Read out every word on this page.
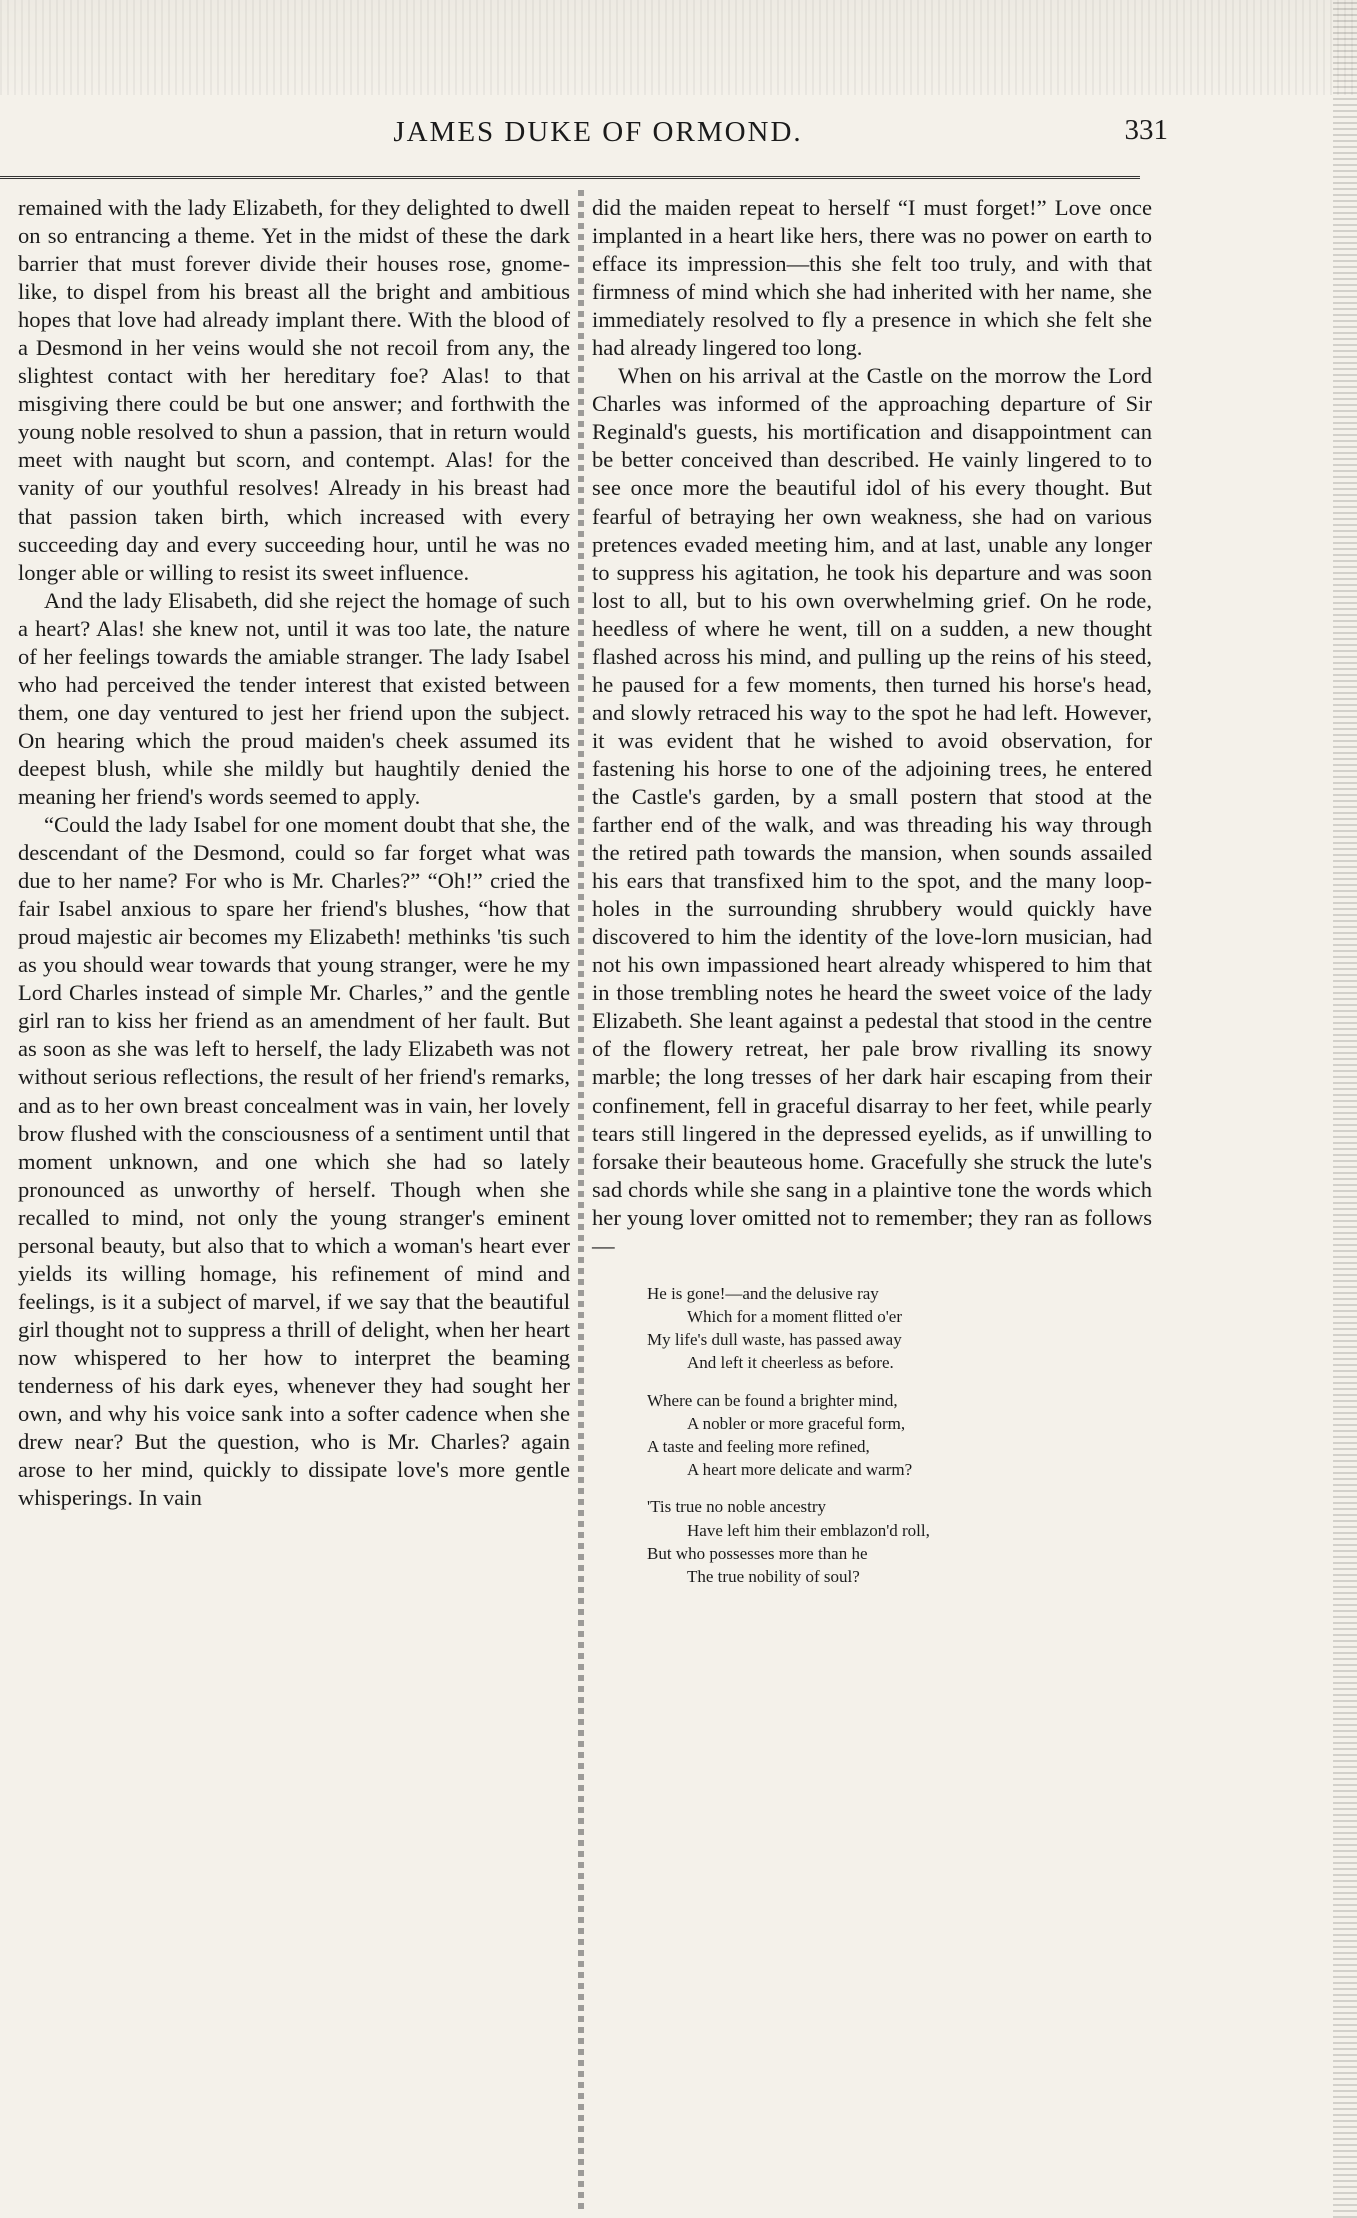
JAMES DUKE OF ORMOND.	331

remained with the lady Elizabeth, for they delighted to dwell on so entrancing a theme. Yet in the midst of these the dark barrier that must forever divide their houses rose, gnome-like, to dispel from his breast all the bright and ambitious hopes that love had already implant there. With the blood of a Desmond in her veins would she not recoil from any, the slightest contact with her hereditary foe? Alas! to that misgiving there could be but one answer; and forthwith the young noble resolved to shun a passion, that in return would meet with naught but scorn, and contempt. Alas! for the vanity of our youthful resolves! Already in his breast had that passion taken birth, which increased with every succeeding day and every succeeding hour, until he was no longer able or willing to resist its sweet influence.

And the lady Elisabeth, did she reject the homage of such a heart? Alas! she knew not, until it was too late, the nature of her feelings towards the amiable stranger. The lady Isabel who had perceived the tender interest that existed between them, one day ventured to jest her friend upon the subject. On hearing which the proud maiden's cheek assumed its deepest blush, while she mildly but haughtily denied the meaning her friend's words seemed to apply.

“Could the lady Isabel for one moment doubt that she, the descendant of the Desmond, could so far forget what was due to her name? For who is Mr. Charles?” “Oh!” cried the fair Isabel anxious to spare her friend's blushes, “how that proud majestic air becomes my Elizabeth! methinks 'tis such as you should wear towards that young stranger, were he my Lord Charles instead of simple Mr. Charles,” and the gentle girl ran to kiss her friend as an amendment of her fault. But as soon as she was left to herself, the lady Elizabeth was not without serious reflections, the result of her friend's remarks, and as to her own breast concealment was in vain, her lovely brow flushed with the consciousness of a sentiment until that moment unknown, and one which she had so lately pronounced as unworthy of herself. Though when she recalled to mind, not only the young stranger's eminent personal beauty, but also that to which a woman's heart ever yields its willing homage, his refinement of mind and feelings, is it a subject of marvel, if we say that the beautiful girl thought not to suppress a thrill of delight, when her heart now whispered to her how to interpret the beaming tenderness of his dark eyes, whenever they had sought her own, and why his voice sank into a softer cadence when she drew near? But the question, who is Mr. Charles? again arose to her mind, quickly to dissipate love's more gentle whisperings. In vain

did the maiden repeat to herself “I must forget!” Love once implanted in a heart like hers, there was no power on earth to efface its impression—this she felt too truly, and with that firmness of mind which she had inherited with her name, she immediately resolved to fly a presence in which she felt she had already lingered too long.

When on his arrival at the Castle on the morrow the Lord Charles was informed of the approaching departure of Sir Reginald's guests, his mortification and disappointment can be better conceived than described. He vainly lingered to to see once more the beautiful idol of his every thought. But fearful of betraying her own weakness, she had on various pretences evaded meeting him, and at last, unable any longer to suppress his agitation, he took his departure and was soon lost to all, but to his own overwhelming grief. On he rode, heedless of where he went, till on a sudden, a new thought flashed across his mind, and pulling up the reins of his steed, he paused for a few moments, then turned his horse's head, and slowly retraced his way to the spot he had left. However, it was evident that he wished to avoid observation, for fastening his horse to one of the adjoining trees, he entered the Castle's garden, by a small postern that stood at the farther end of the walk, and was threading his way through the retired path towards the mansion, when sounds assailed his ears that transfixed him to the spot, and the many loop-holes in the surrounding shrubbery would quickly have discovered to him the identity of the love-lorn musician, had not his own impassioned heart already whispered to him that in those trembling notes he heard the sweet voice of the lady Elizabeth. She leant against a pedestal that stood in the centre of the flowery retreat, her pale brow rivalling its snowy marble; the long tresses of her dark hair escaping from their confinement, fell in graceful disarray to her feet, while pearly tears still lingered in the depressed eyelids, as if unwilling to forsake their beauteous home. Gracefully she struck the lute's sad chords while she sang in a plaintive tone the words which her young lover omitted not to remember; they ran as follows—

He is gone!—and the delusive ray
Which for a moment flitted o'er
My life's dull waste, has passed away
And left it cheerless as before.
Where can be found a brighter mind,
A nobler or more graceful form,
A taste and feeling more refined,
A heart more delicate and warm?
'Tis true no noble ancestry
Have left him their emblazon'd roll,
But who possesses more than he
The true nobility of soul?
